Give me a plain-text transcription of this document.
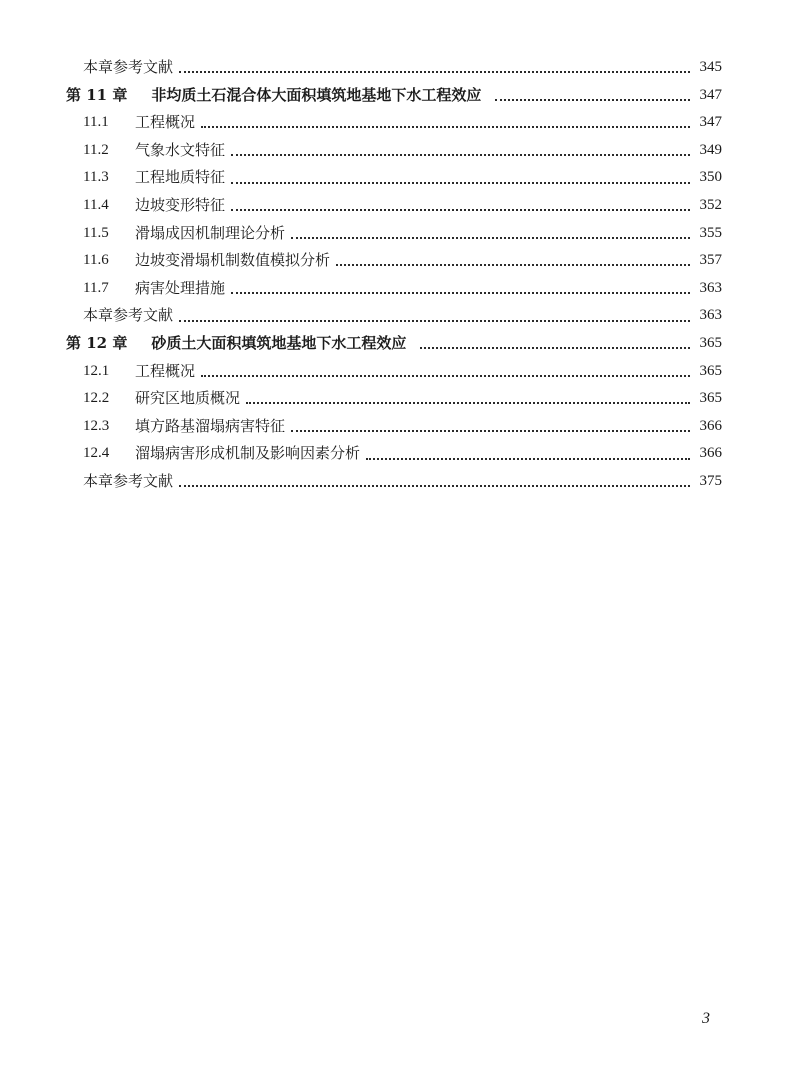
本章参考文献	345
第 11 章 非均质土石混合体大面积填筑地基地下水工程效应	347
11.1	工程概况	347
11.2	气象水文特征	349
11.3	工程地质特征	350
11.4	边坡变形特征	352
11.5	滑塌成因机制理论分析	355
11.6	边坡变滑塌机制数值模拟分析	357
11.7	病害处理措施	363
本章参考文献	363
第 12 章 砂质土大面积填筑地基地下水工程效应	365
12.1	工程概况	365
12.2	研究区地质概况	365
12.3	填方路基溜塌病害特征	366
12.4	溜塌病害形成机制及影响因素分析	366
本章参考文献	375
3
